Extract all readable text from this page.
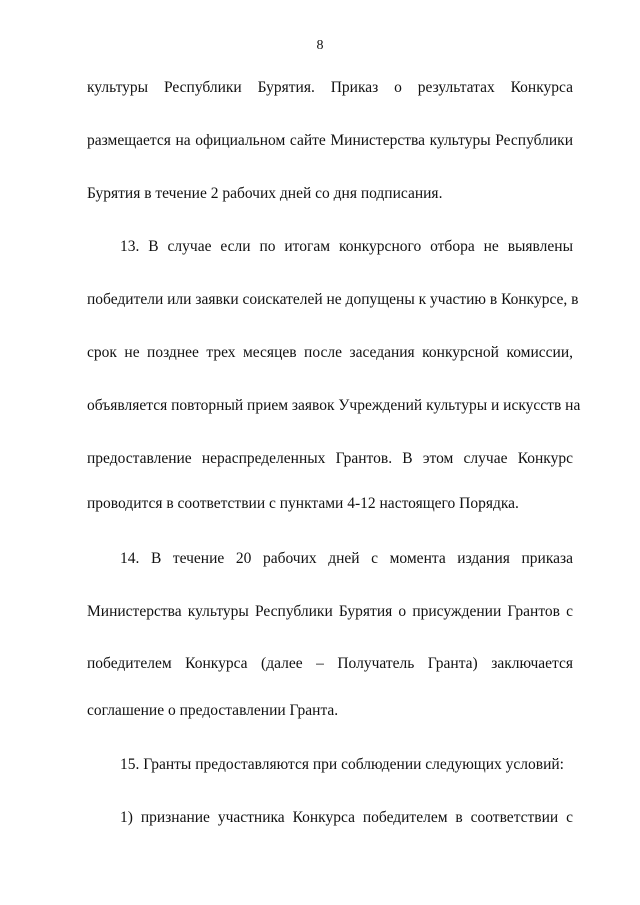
8
культуры Республики Бурятия. Приказ о результатах Конкурса
размещается на официальном сайте Министерства культуры Республики
Бурятия в течение 2 рабочих дней со дня подписания.
13. В случае если по итогам конкурсного отбора не выявлены
победители или заявки соискателей не допущены к участию в Конкурсе, в
срок не позднее трех месяцев после заседания конкурсной комиссии,
объявляется повторный прием заявок Учреждений культуры и искусств на
предоставление нераспределенных Грантов. В этом случае Конкурс
проводится в соответствии с пунктами 4-12 настоящего Порядка.
14. В течение 20 рабочих дней с момента издания приказа
Министерства культуры Республики Бурятия о присуждении Грантов с
победителем Конкурса (далее – Получатель Гранта) заключается
соглашение о предоставлении Гранта.
15. Гранты предоставляются при соблюдении следующих условий:
1) признание участника Конкурса победителем в соответствии с
